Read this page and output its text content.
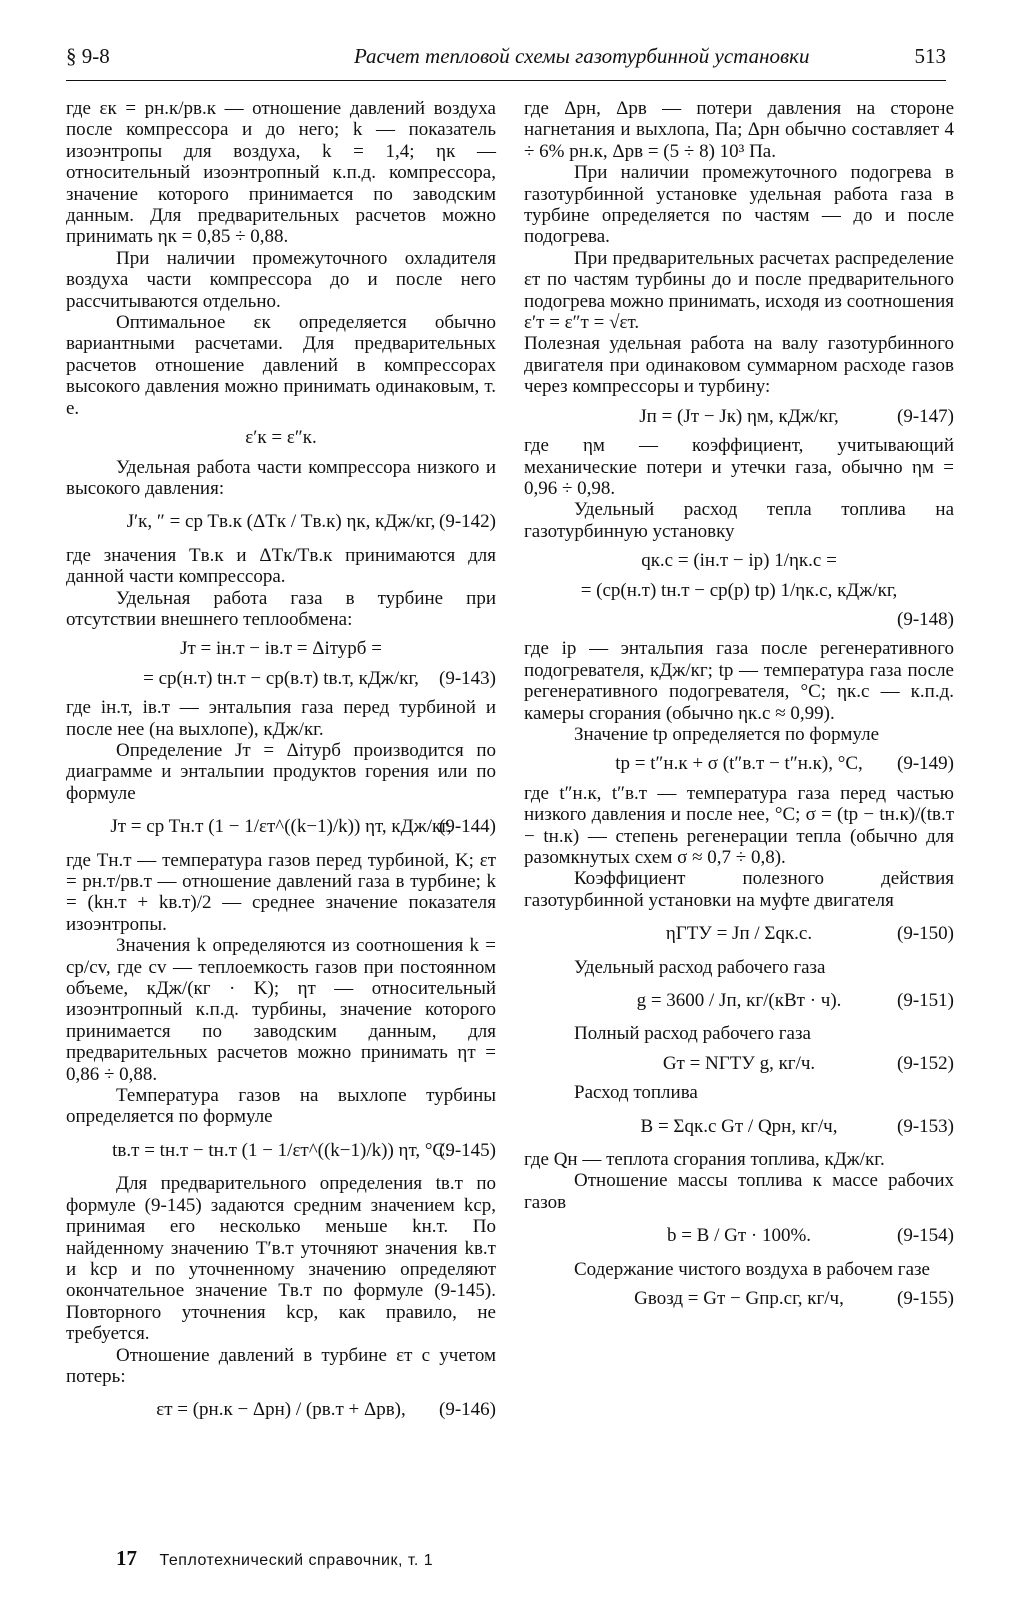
§ 9-8	Расчет тепловой схемы газотурбинной установки	513

где εк = pн.к/pв.к — отношение давлений воздуха после компрессора и до него; k — показатель изоэнтропы для воздуха, k = 1,4; ηк — относительный изоэнтропный к.п.д. компрессора, значение которого принимается по заводским данным. Для предварительных расчетов можно принимать ηк = 0,85 ÷ 0,88.

При наличии промежуточного охладителя воздуха части компрессора до и после него рассчитываются отдельно.

Оптимальное εк определяется обычно вариантными расчетами. Для предварительных расчетов отношение давлений в компрессорах высокого давления можно принимать одинаковым, т. е.

ε′к = ε″к.

Удельная работа части компрессора низкого и высокого давления:

J′к, ″ = cp Tв.к (ΔTк / Tв.к) ηк, кДж/кг, (9-142)

где значения Tв.к и ΔTк/Tв.к принимаются для данной части компрессора.

Удельная работа газа в турбине при отсутствии внешнего теплообмена:

Jт = iн.т − iв.т = Δiтурб =
= cp(н.т) tн.т − cp(в.т) tв.т, кДж/кг, (9-143)

где iн.т, iв.т — энтальпия газа перед турбиной и после нее (на выхлопе), кДж/кг.

Определение Jт = Δiтурб производится по диаграмме и энтальпии продуктов горения или по формуле

Jт = cp Tн.т (1 − 1/εт^((k−1)/k)) ηт, кДж/кг,
(9-144)

где Tн.т — температура газов перед турбиной, K; εт = pн.т/pв.т — отношение давлений газа в турбине; k = (kн.т + kв.т)/2 — среднее значение показателя изоэнтропы.

Значения k определяются из соотношения k = cp/cv, где cv — теплоемкость газов при постоянном объеме, кДж/(кг · K); ηт — относительный изоэнтропный к.п.д. турбины, значение которого принимается по заводским данным, для предварительных расчетов можно принимать ηт = 0,86 ÷ 0,88.

Температура газов на выхлопе турбины определяется по формуле

tв.т = tн.т − tн.т (1 − 1/εт^((k−1)/k)) ηт, °C.
(9-145)

Для предварительного определения tв.т по формуле (9-145) задаются средним значением kср, принимая его несколько меньше kн.т. По найденному значению T′в.т уточняют значения kв.т и kср и по уточненному значению определяют окончательное значение Tв.т по формуле (9-145). Повторного уточнения kср, как правило, не требуется.

Отношение давлений в турбине εт с учетом потерь:

εт = (pн.к − Δpн) / (pв.т + Δpв), (9-146)

где Δpн, Δpв — потери давления на стороне нагнетания и выхлопа, Па; Δpн обычно составляет 4 ÷ 6% pн.к, Δpв = (5 ÷ 8) 10³ Па.

При наличии промежуточного подогрева в газотурбинной установке удельная работа газа в турбине определяется по частям — до и после подогрева.

При предварительных расчетах распределение εт по частям турбины до и после предварительного подогрева можно принимать, исходя из соотношения ε′т = ε″т = √εт.

Полезная удельная работа на валу газотурбинного двигателя при одинаковом суммарном расходе газов через компрессоры и турбину:

Jп = (Jт − Jк) ηм, кДж/кг,	(9-147)

где ηм — коэффициент, учитывающий механические потери и утечки газа, обычно ηм = 0,96 ÷ 0,98.

Удельный расход тепла топлива на газотурбинную установку

qк.с = (iн.т − iр) 1/ηк.с =
= (cp(н.т) tн.т − cp(р) tр) 1/ηк.с, кДж/кг,
(9-148)

где iр — энтальпия газа после регенеративного подогревателя, кДж/кг; tр — температура газа после регенеративного подогревателя, °C; ηк.с — к.п.д. камеры сгорания (обычно ηк.с ≈ 0,99).

Значение tр определяется по формуле

tр = t″н.к + σ (t″в.т − t″н.к), °C, (9-149)

где t″н.к, t″в.т — температура газа перед частью низкого давления и после нее, °C; σ = (tр − tн.к)/(tв.т − tн.к) — степень регенерации тепла (обычно для разомкнутых схем σ ≈ 0,7 ÷ 0,8).

Коэффициент полезного действия газотурбинной установки на муфте двигателя

ηГТУ = Jп / Σqк.с.	(9-150)

Удельный расход рабочего газа

g = 3600 / Jп, кг/(кВт · ч).	(9-151)

Полный расход рабочего газа

Gт = NГТУ g, кг/ч.	(9-152)

Расход топлива

B = Σqк.с Gт / Qрн, кг/ч,	(9-153)

где Qн — теплота сгорания топлива, кДж/кг.

Отношение массы топлива к массе рабочих газов

b = B / Gт · 100%.	(9-154)

Содержание чистого воздуха в рабочем газе

Gвозд = Gт − Gпр.сг, кг/ч,	(9-155)
17 Теплотехнический справочник, т. 1
